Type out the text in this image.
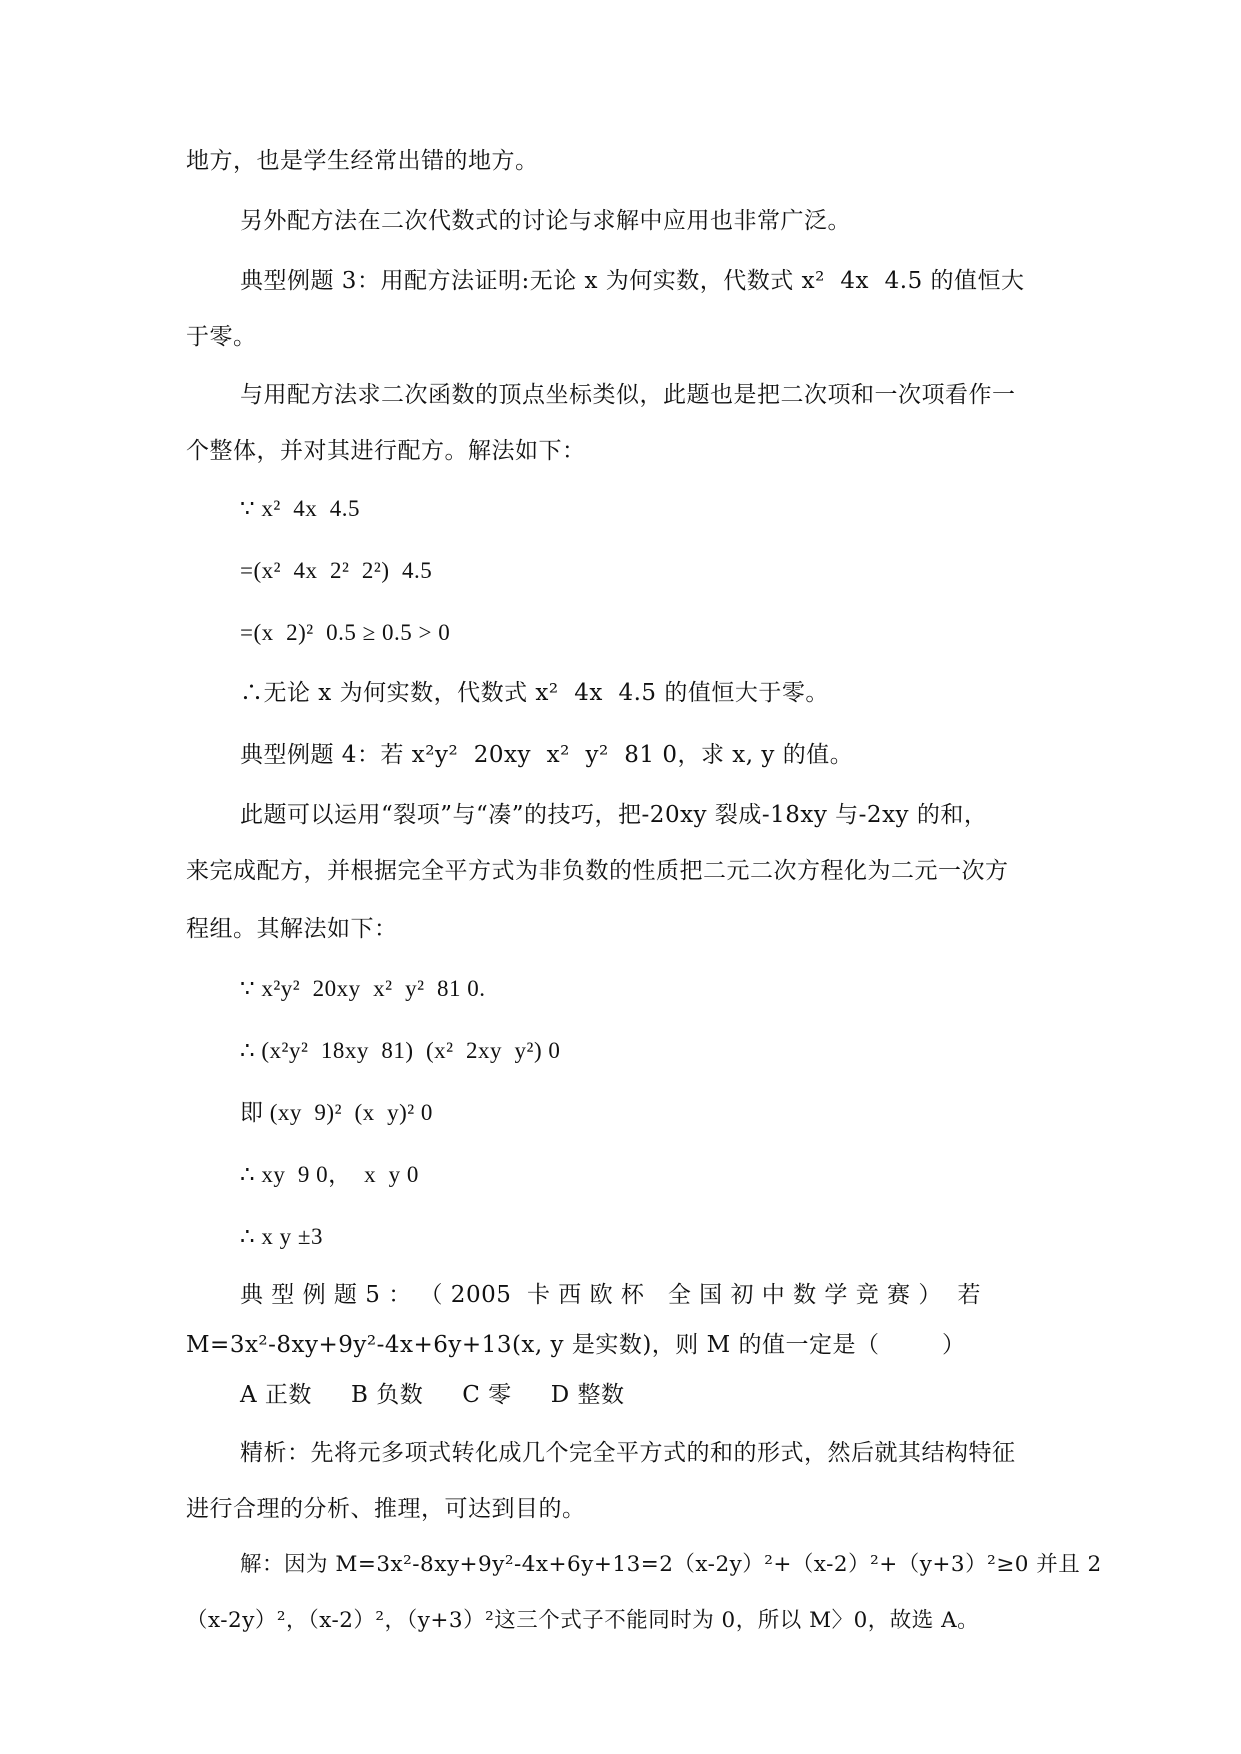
地方，也是学生经常出错的地方。
另外配方法在二次代数式的讨论与求解中应用也非常广泛。
典型例题 3：用配方法证明:无论 x 为何实数，代数式 x²  4x  4.5 的值恒大
于零。
与用配方法求二次函数的顶点坐标类似，此题也是把二次项和一次项看作一
个整体，并对其进行配方。解法如下：
∵ x²  4x  4.5
=(x²  4x  2²  2²)  4.5
=(x  2)²  0.5 ≥ 0.5 > 0
∴无论 x 为何实数，代数式 x²  4x  4.5 的值恒大于零。
典型例题 4：若 x²y²  20xy  x²  y²  81 0，求 x, y 的值。
此题可以运用“裂项”与“凑”的技巧，把-20xy 裂成-18xy 与-2xy 的和，
来完成配方，并根据完全平方式为非负数的性质把二元二次方程化为二元一次方
程组。其解法如下：
∵ x²y²  20xy  x²  y²  81 0.
∴ (x²y²  18xy  81)  (x²  2xy  y²) 0
即 (xy  9)²  (x  y)² 0
∴ xy  9 0，  x  y 0
∴ x y ±3
典 型 例 题 5 ： （ 2005  卡 西 欧 杯   全 国 初 中 数 学 竞 赛 ）  若
M=3x²-8xy+9y²-4x+6y+13(x, y 是实数)，则 M 的值一定是（        ）
A 正数     B 负数     C 零     D 整数
精析：先将元多项式转化成几个完全平方式的和的形式，然后就其结构特征
进行合理的分析、推理，可达到目的。
解：因为 M=3x²-8xy+9y²-4x+6y+13=2（x-2y）²+（x-2）²+（y+3）²≥0 并且 2
（x-2y）²，（x-2）²，（y+3）²这三个式子不能同时为 0，所以 M〉0，故选 A。
